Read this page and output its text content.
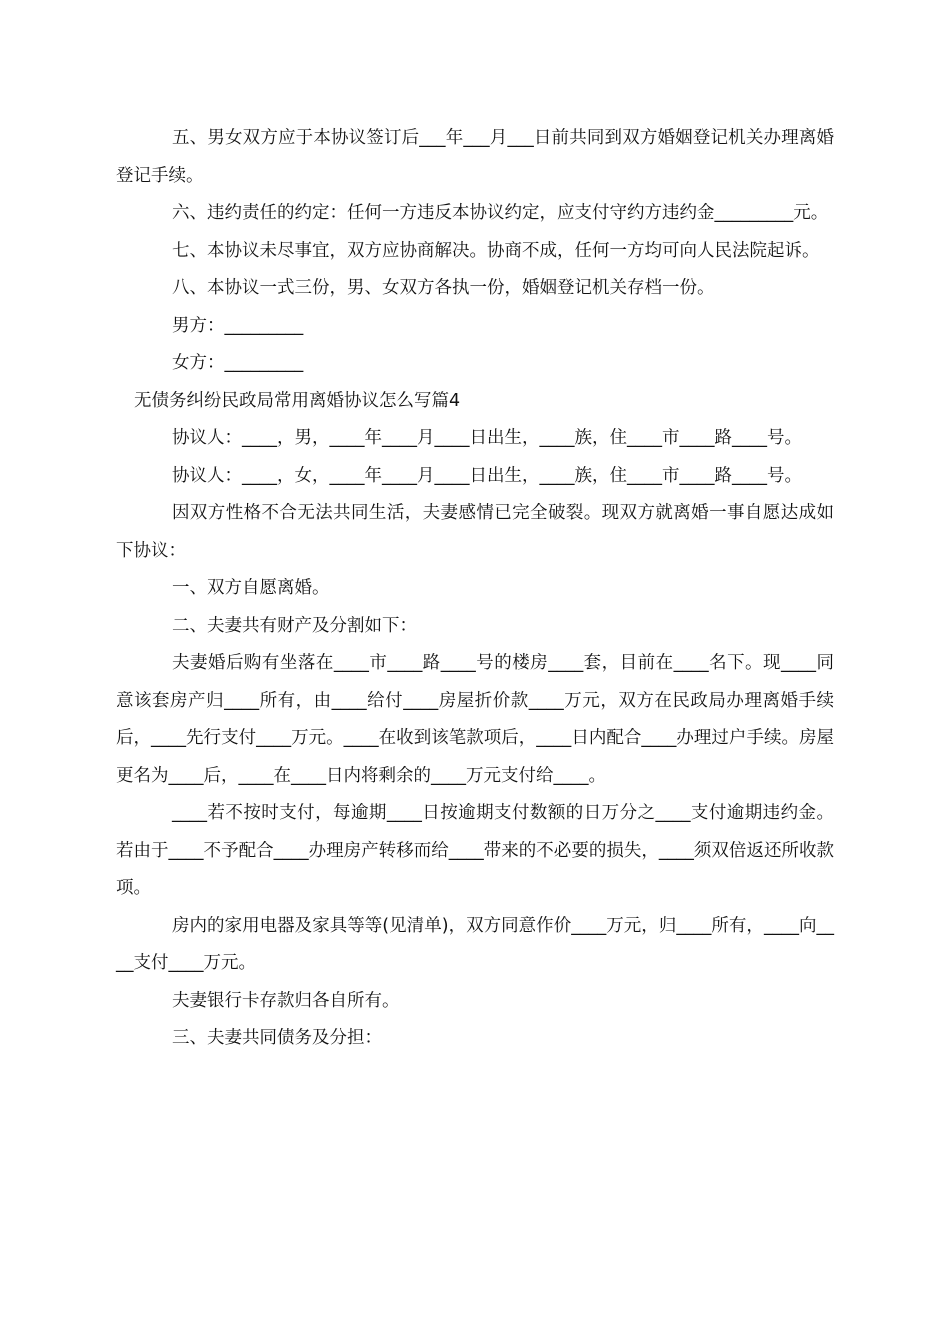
五、男女双方应于本协议签订后___年___月___日前共同到双方婚姻登记机关办理离婚登记手续。

六、违约责任的约定：任何一方违反本协议约定，应支付守约方违约金_________元。

七、本协议未尽事宜，双方应协商解决。协商不成，任何一方均可向人民法院起诉。

八、本协议一式三份，男、女双方各执一份，婚姻登记机关存档一份。

男方：_________

女方：_________

无债务纠纷民政局常用离婚协议怎么写篇4

协议人：____，男，____年____月____日出生，____族，住____市____路____号。

协议人：____，女，____年____月____日出生，____族，住____市____路____号。

因双方性格不合无法共同生活，夫妻感情已完全破裂。现双方就离婚一事自愿达成如下协议：

一、双方自愿离婚。

二、夫妻共有财产及分割如下：

夫妻婚后购有坐落在____市____路____号的楼房____套，目前在____名下。现____同意该套房产归____所有，由____给付____房屋折价款____万元，双方在民政局办理离婚手续后，____先行支付____万元。____在收到该笔款项后，____日内配合____办理过户手续。房屋更名为____后，____在____日内将剩余的____万元支付给____。

____若不按时支付，每逾期____日按逾期支付数额的日万分之____支付逾期违约金。若由于____不予配合____办理房产转移而给____带来的不必要的损失，____须双倍返还所收款项。

房内的家用电器及家具等等(见清单)，双方同意作价____万元，归____所有，____向____支付____万元。

夫妻银行卡存款归各自所有。

三、夫妻共同债务及分担：
